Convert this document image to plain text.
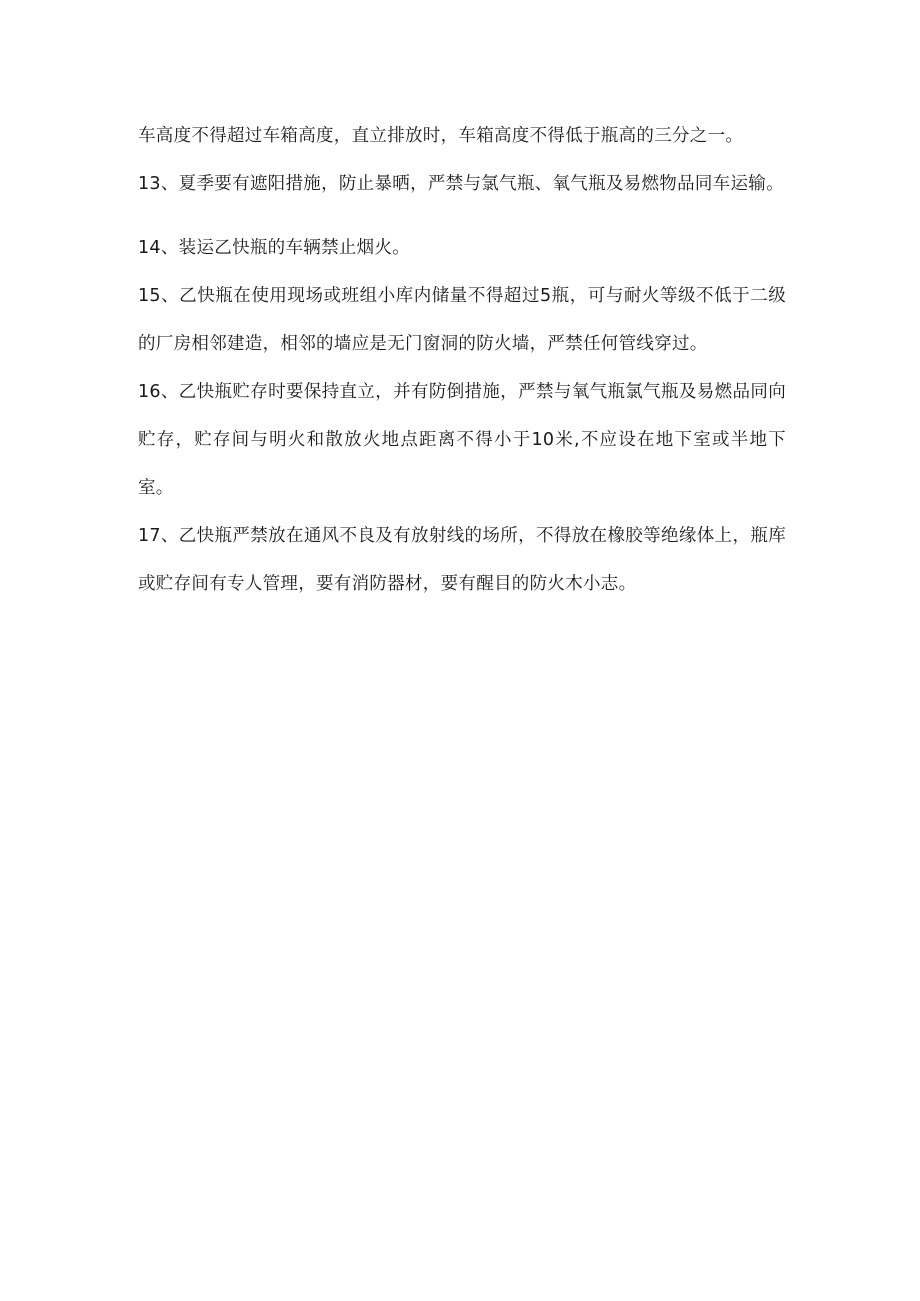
车高度不得超过车箱高度，直立排放时，车箱高度不得低于瓶高的三分之一。

13、夏季要有遮阳措施，防止暴晒，严禁与氯气瓶、氧气瓶及易燃物品同车运输。

14、装运乙快瓶的车辆禁止烟火。

15、乙快瓶在使用现场或班组小库内储量不得超过5瓶，可与耐火等级不低于二级的厂房相邻建造，相邻的墙应是无门窗洞的防火墙，严禁任何管线穿过。

16、乙快瓶贮存时要保持直立，并有防倒措施，严禁与氧气瓶氯气瓶及易燃品同向贮存，贮存间与明火和散放火地点距离不得小于10米,不应设在地下室或半地下室。

17、乙快瓶严禁放在通风不良及有放射线的场所，不得放在橡胶等绝缘体上，瓶库或贮存间有专人管理，要有消防器材，要有醒目的防火木小志。
